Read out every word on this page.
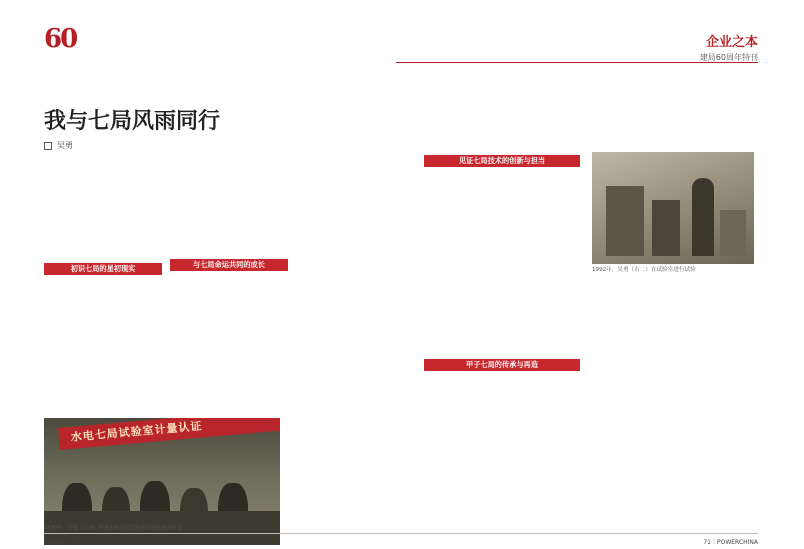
60	企业之本
建局60周年特刊
我与七局风雨同行
吴勇

初识七局的星初现实	与七局命运共同的成长

见证七局技术的创新与担当

甲子七局的传承与再造

1992年，吴勇（右二）在试验室进行试验

水电七局试验室计量认证
1990年，吴勇（左四）参加水电七局试验室计量认证评审会
水电建设｜70	71｜POWERCHINA
